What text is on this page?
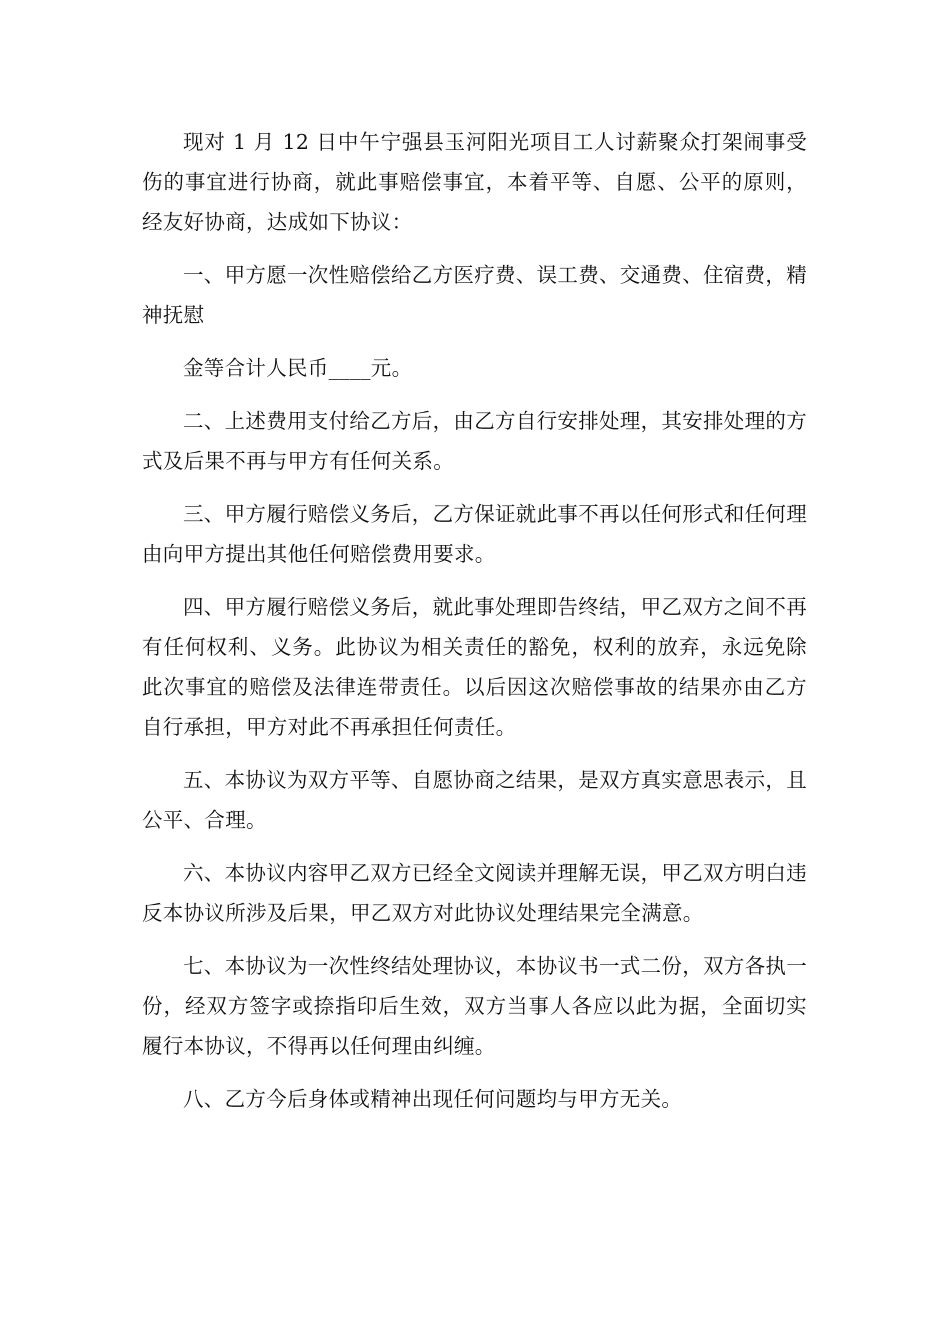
现对 1 月 12 日中午宁强县玉河阳光项目工人讨薪聚众打架闹事受伤的事宜进行协商，就此事赔偿事宜，本着平等、自愿、公平的原则，经友好协商，达成如下协议：

一、甲方愿一次性赔偿给乙方医疗费、误工费、交通费、住宿费，精神抚慰

金等合计人民币____元。

二、上述费用支付给乙方后，由乙方自行安排处理，其安排处理的方式及后果不再与甲方有任何关系。

三、甲方履行赔偿义务后，乙方保证就此事不再以任何形式和任何理由向甲方提出其他任何赔偿费用要求。

四、甲方履行赔偿义务后，就此事处理即告终结，甲乙双方之间不再有任何权利、义务。此协议为相关责任的豁免，权利的放弃，永远免除此次事宜的赔偿及法律连带责任。以后因这次赔偿事故的结果亦由乙方自行承担，甲方对此不再承担任何责任。

五、本协议为双方平等、自愿协商之结果，是双方真实意思表示，且公平、合理。

六、本协议内容甲乙双方已经全文阅读并理解无误，甲乙双方明白违反本协议所涉及后果，甲乙双方对此协议处理结果完全满意。

七、本协议为一次性终结处理协议，本协议书一式二份，双方各执一份，经双方签字或捺指印后生效，双方当事人各应以此为据，全面切实履行本协议，不得再以任何理由纠缠。

八、乙方今后身体或精神出现任何问题均与甲方无关。
